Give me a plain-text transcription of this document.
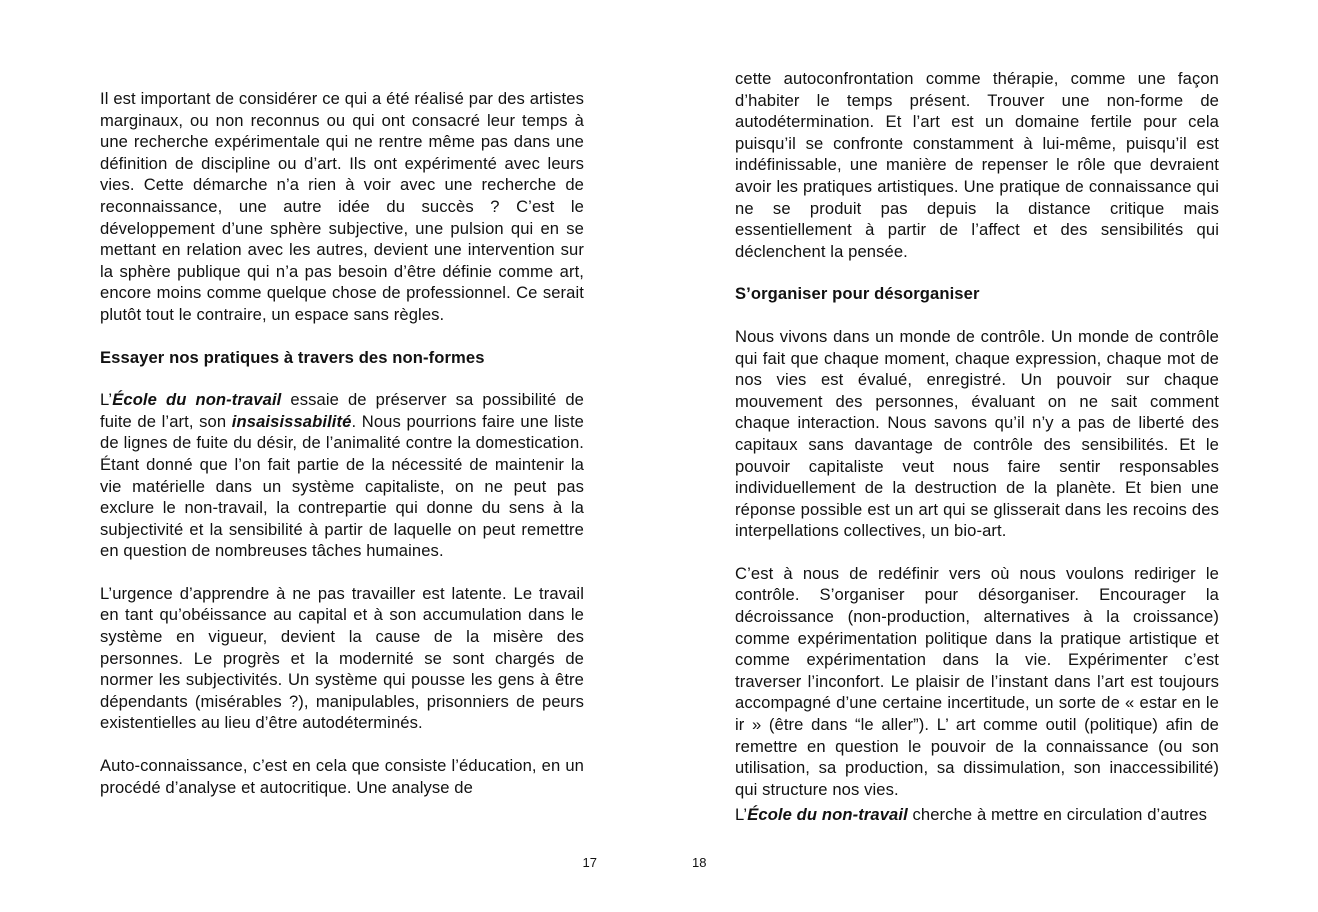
Il est important de considérer ce qui a été réalisé par des artistes marginaux, ou non reconnus ou qui ont consacré leur temps à une recherche expérimentale qui ne rentre même pas dans une définition de discipline ou d’art. Ils ont expérimenté avec leurs vies. Cette démarche n’a rien à voir avec une recherche de reconnaissance, une autre idée du succès ? C’est le développement d’une sphère subjective, une pulsion qui en se mettant en relation avec les autres, devient une intervention sur la sphère publique qui n’a pas besoin d’être définie comme art, encore moins comme quelque chose de professionnel. Ce serait plutôt tout le contraire, un espace sans règles.

Essayer nos pratiques à travers des non-formes

L’École du non-travail essaie de préserver sa possibilité de fuite de l’art, son insaisissabilité. Nous pourrions faire une liste de lignes de fuite du désir, de l’animalité contre la domestication. Étant donné que l’on fait partie de la nécessité de maintenir la vie matérielle dans un système capitaliste, on ne peut pas exclure le non-travail, la contrepartie qui donne du sens à la subjectivité et la sensibilité à partir de laquelle on peut remettre en question de nombreuses tâches humaines.

L’urgence d’apprendre à ne pas travailler est latente. Le travail en tant qu’obéissance au capital et à son accumulation dans le système en vigueur, devient la cause de la misère des personnes. Le progrès et la modernité se sont chargés de normer les subjectivités. Un système qui pousse les gens à être dépendants (misérables ?), manipulables, prisonniers de peurs existentielles au lieu d’être autodéterminés.

Auto-connaissance, c’est en cela que consiste l’éducation, en un procédé d’analyse et autocritique. Une analyse de

17

cette autoconfrontation comme thérapie, comme une façon d’habiter le temps présent. Trouver une non-forme de autodétermination. Et l’art est un domaine fertile pour cela puisqu’il se confronte constamment à lui-même, puisqu’il est indéfinissable, une manière de repenser le rôle que devraient avoir les pratiques artistiques. Une pratique de connaissance qui ne se produit pas depuis la distance critique mais essentiellement à partir de l’affect et des sensibilités qui déclenchent la pensée.

S’organiser pour désorganiser

Nous vivons dans un monde de contrôle. Un monde de contrôle qui fait que chaque moment, chaque expression, chaque mot de nos vies est évalué, enregistré. Un pouvoir sur chaque mouvement des personnes, évaluant on ne sait comment chaque interaction. Nous savons qu’il n’y a pas de liberté des capitaux sans davantage de contrôle des sensibilités. Et le pouvoir capitaliste veut nous faire sentir responsables individuellement de la destruction de la planète. Et bien une réponse possible est un art qui se glisserait dans les recoins des interpellations collectives, un bio-art.

C’est à nous de redéfinir vers où nous voulons rediriger le contrôle. S’organiser pour désorganiser. Encourager la décroissance (non-production, alternatives à la croissance) comme expérimentation politique dans la pratique artistique et comme expérimentation dans la vie. Expérimenter c’est traverser l’inconfort. Le plaisir de l’instant dans l’art est toujours accompagné d’une certaine incertitude, un sorte de « estar en le ir » (être dans “le aller”). L’ art comme outil (politique) afin de remettre en question le pouvoir de la connaissance (ou son utilisation, sa production, sa dissimulation, son inaccessibilité) qui structure nos vies.

L’École du non-travail cherche à mettre en circulation d’autres

18
